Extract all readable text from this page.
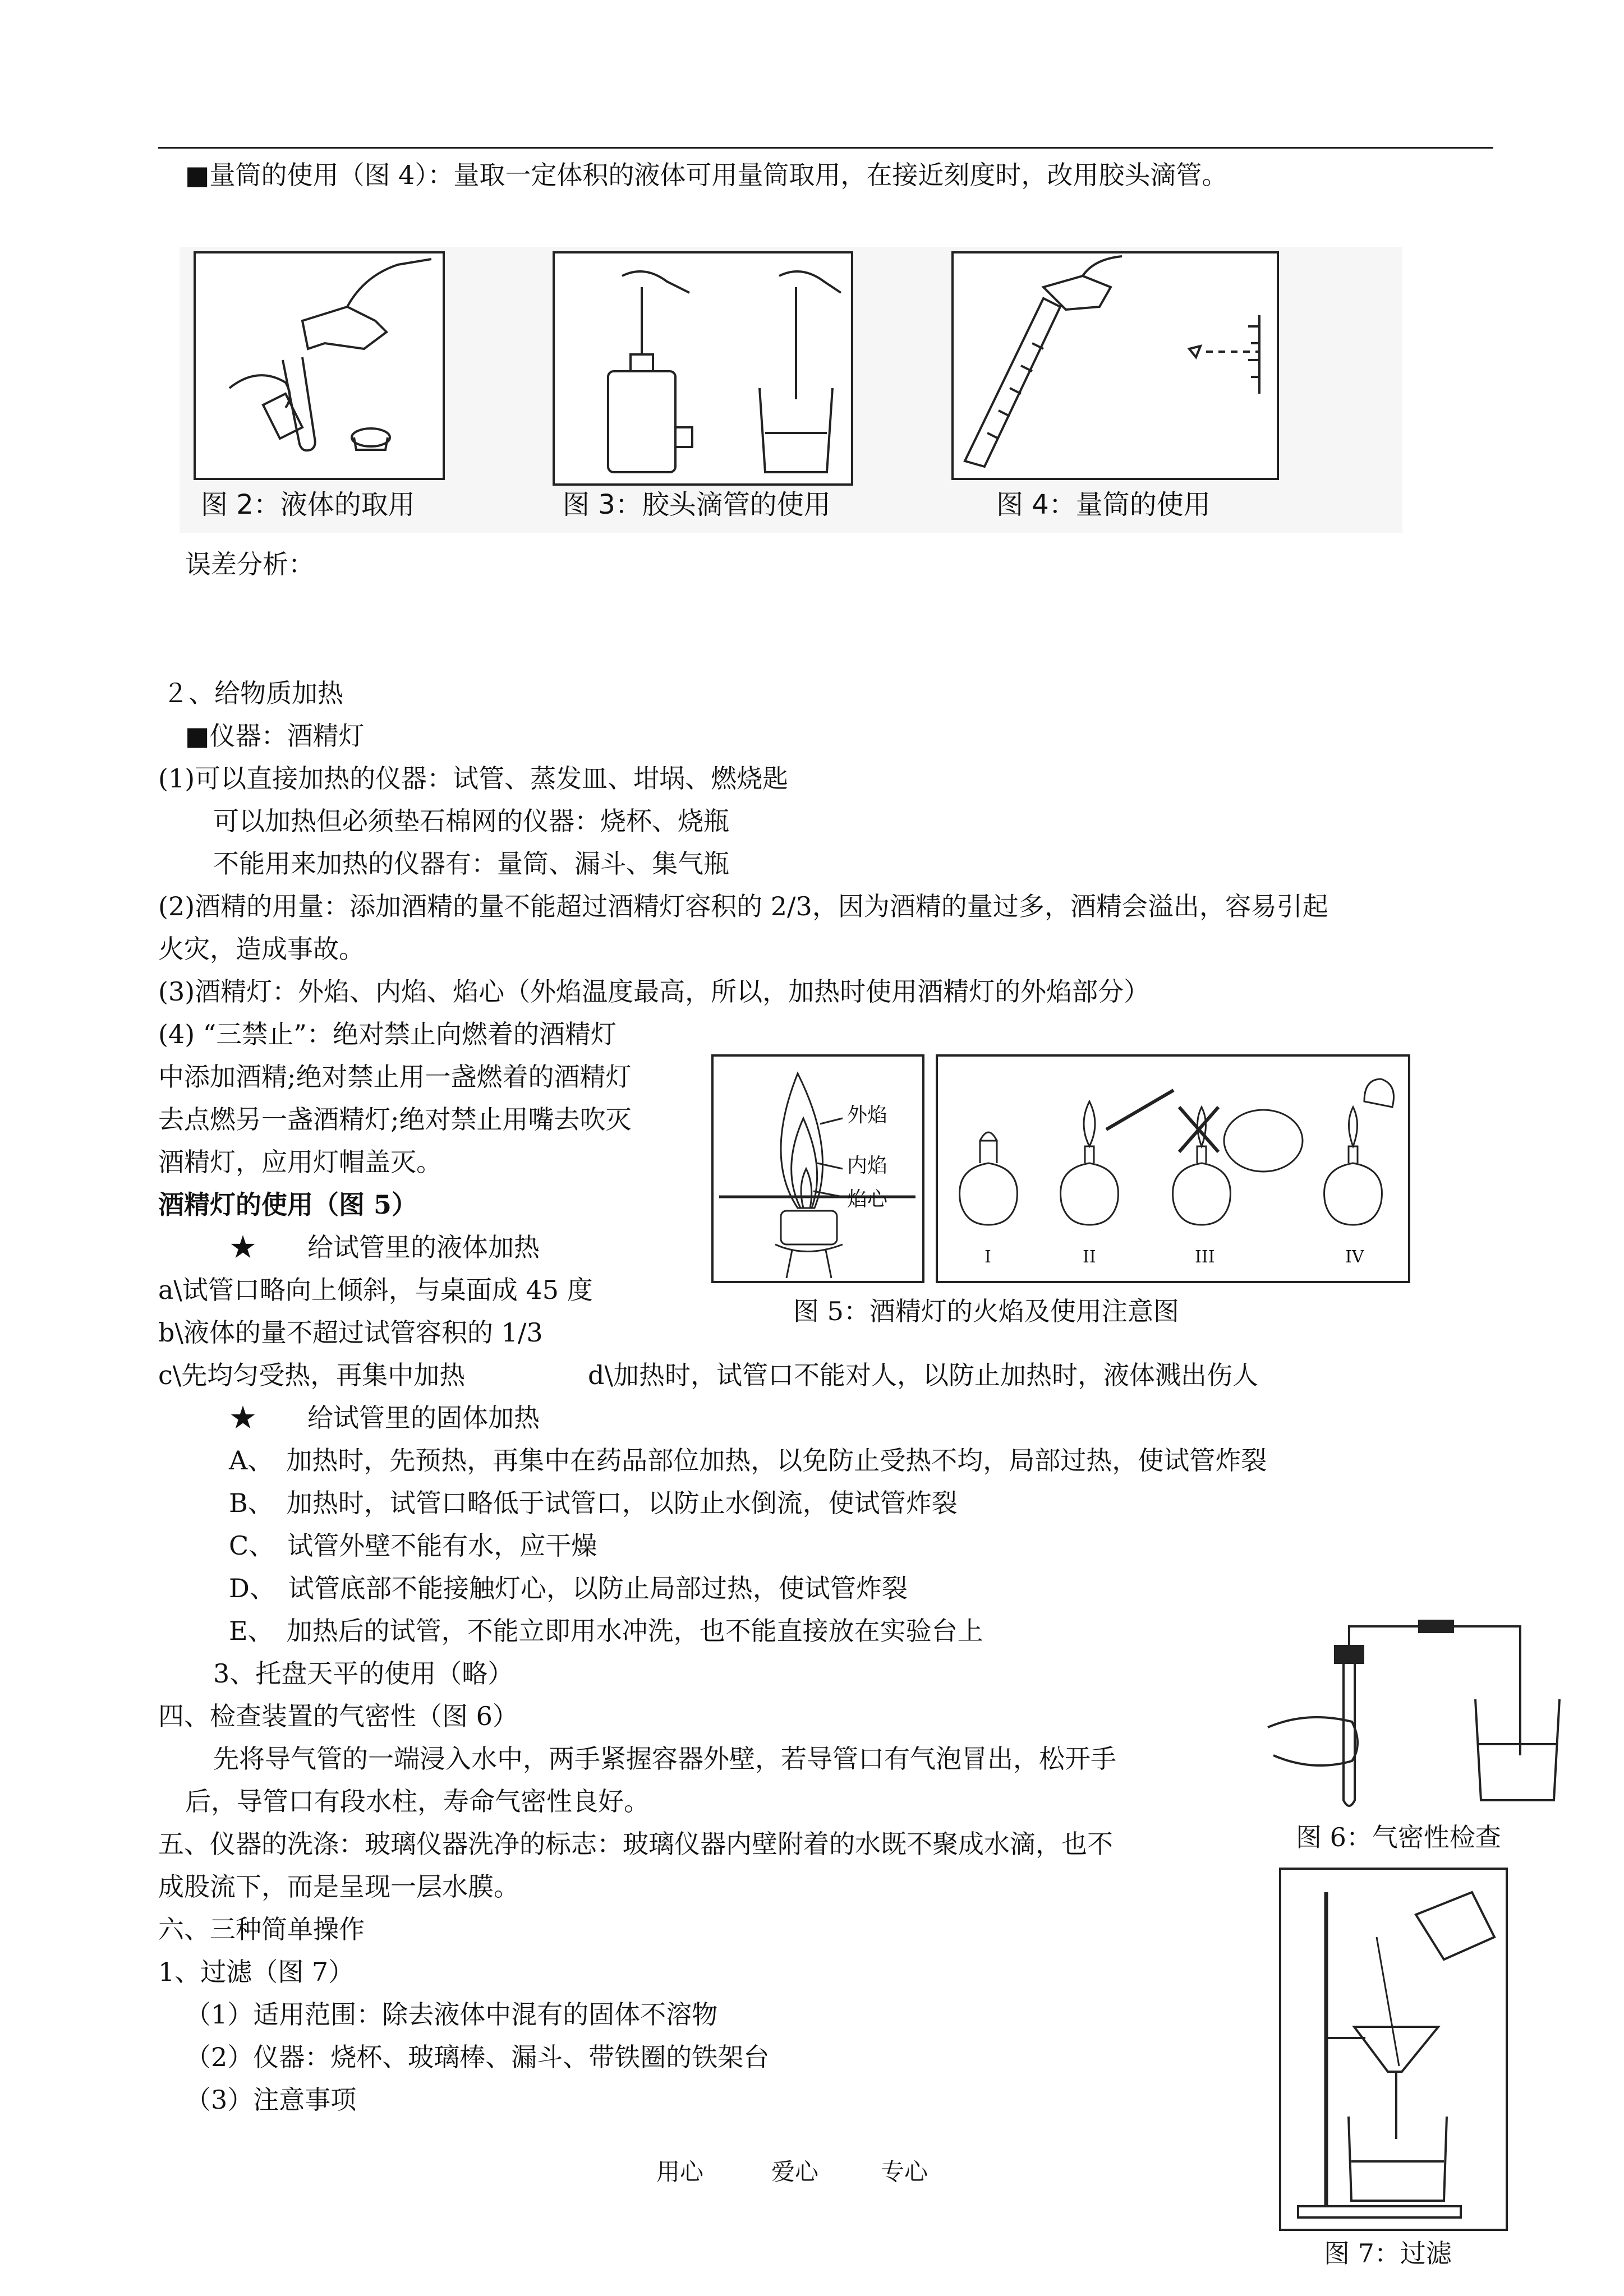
■量筒的使用（图 4）：量取一定体积的液体可用量筒取用，在接近刻度时，改用胶头滴管。
图 2：液体的取用	图 3：胶头滴管的使用	图 4：量筒的使用
误差分析：
２、给物质加热
■仪器：酒精灯
(1)可以直接加热的仪器：试管、蒸发皿、坩埚、燃烧匙
可以加热但必须垫石棉网的仪器：烧杯、烧瓶
不能用来加热的仪器有：量筒、漏斗、集气瓶
(2)酒精的用量：添加酒精的量不能超过酒精灯容积的 2/3，因为酒精的量过多，酒精会溢出，容易引起
火灾，造成事故。
(3)酒精灯：外焰、内焰、焰心（外焰温度最高，所以，加热时使用酒精灯的外焰部分）
(4) “三禁止”：绝对禁止向燃着的酒精灯
中添加酒精;绝对禁止用一盏燃着的酒精灯
去点燃另一盏酒精灯;绝对禁止用嘴去吹灭
酒精灯，应用灯帽盖灭。
酒精灯的使用（图 5）
★　　给试管里的液体加热
a\试管口略向上倾斜，与桌面成 45 度
b\液体的量不超过试管容积的 1/3
c\先均匀受热，再集中加热	d\加热时，试管口不能对人，以防止加热时，液体溅出伤人
★　　给试管里的固体加热
A、　加热时，先预热，再集中在药品部位加热，以免防止受热不均，局部过热，使试管炸裂
B、　加热时，试管口略低于试管口，以防止水倒流，使试管炸裂
C、　试管外壁不能有水，应干燥
D、　试管底部不能接触灯心，以防止局部过热，使试管炸裂
E、　加热后的试管，不能立即用水冲洗，也不能直接放在实验台上
3、托盘天平的使用（略）
外焰
内焰
焰心
I	II	III	IV
图 5：酒精灯的火焰及使用注意图
图 6：气密性检查
四、检查装置的气密性（图 6）
先将导气管的一端浸入水中，两手紧握容器外壁，若导管口有气泡冒出，松开手
后，导管口有段水柱，寿命气密性良好。
五、仪器的洗涤：玻璃仪器洗净的标志：玻璃仪器内壁附着的水既不聚成水滴，也不
成股流下，而是呈现一层水膜。
六、三种简单操作
1、过滤（图 7）
（1）适用范围：除去液体中混有的固体不溶物
（2）仪器：烧杯、玻璃棒、漏斗、带铁圈的铁架台
（3）注意事项
图 7：过滤
用心	爱心	专心
